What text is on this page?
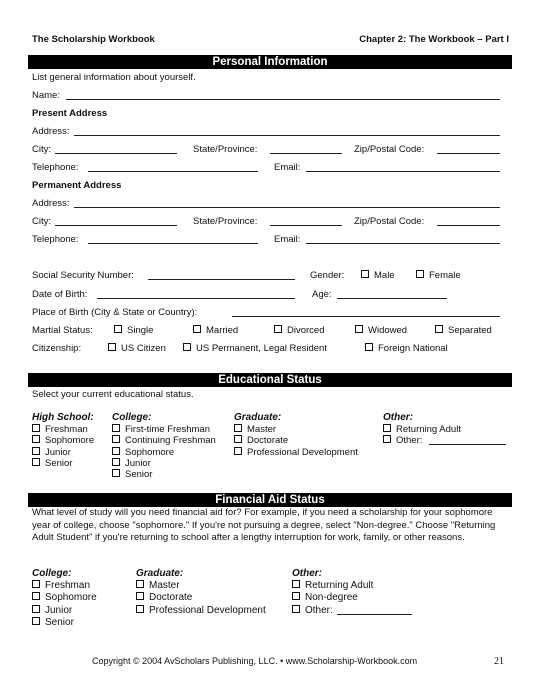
The Scholarship Workbook	Chapter 2: The Workbook – Part I
Personal Information
List general information about yourself.
Name:
Present Address
Address:
City:	State/Province:	Zip/Postal Code:
Telephone:	Email:
Permanent Address
Address:
City:	State/Province:	Zip/Postal Code:
Telephone:	Email:
Social Security Number:	Gender:	Male	Female
Date of Birth:	Age:
Place of Birth (City & State or Country):
Martial Status:	Single	Married	Divorced	Widowed	Separated
Citizenship:	US Citizen	US Permanent, Legal Resident	Foreign National
Educational Status
Select your current educational status.
High School:
Freshman
Sophomore
Junior
Senior
College:
First-time Freshman
Continuing Freshman
Sophomore
Junior
Senior
Graduate:
Master
Doctorate
Professional Development
Other:
Returning Adult
Other:
Financial Aid Status
What level of study will you need financial aid for? For example, if you need a scholarship for your sophomore year of college, choose "sophomore." If you're not pursuing a degree, select "Non-degree." Choose "Returning Adult Student" if you're returning to school after a lengthy interruption for work, family, or other reasons.
College:
Freshman
Sophomore
Junior
Senior
Graduate:
Master
Doctorate
Professional Development
Other:
Returning Adult
Non-degree
Other:
Copyright © 2004 AvScholars Publishing, LLC. • www.Scholarship-Workbook.com	21
